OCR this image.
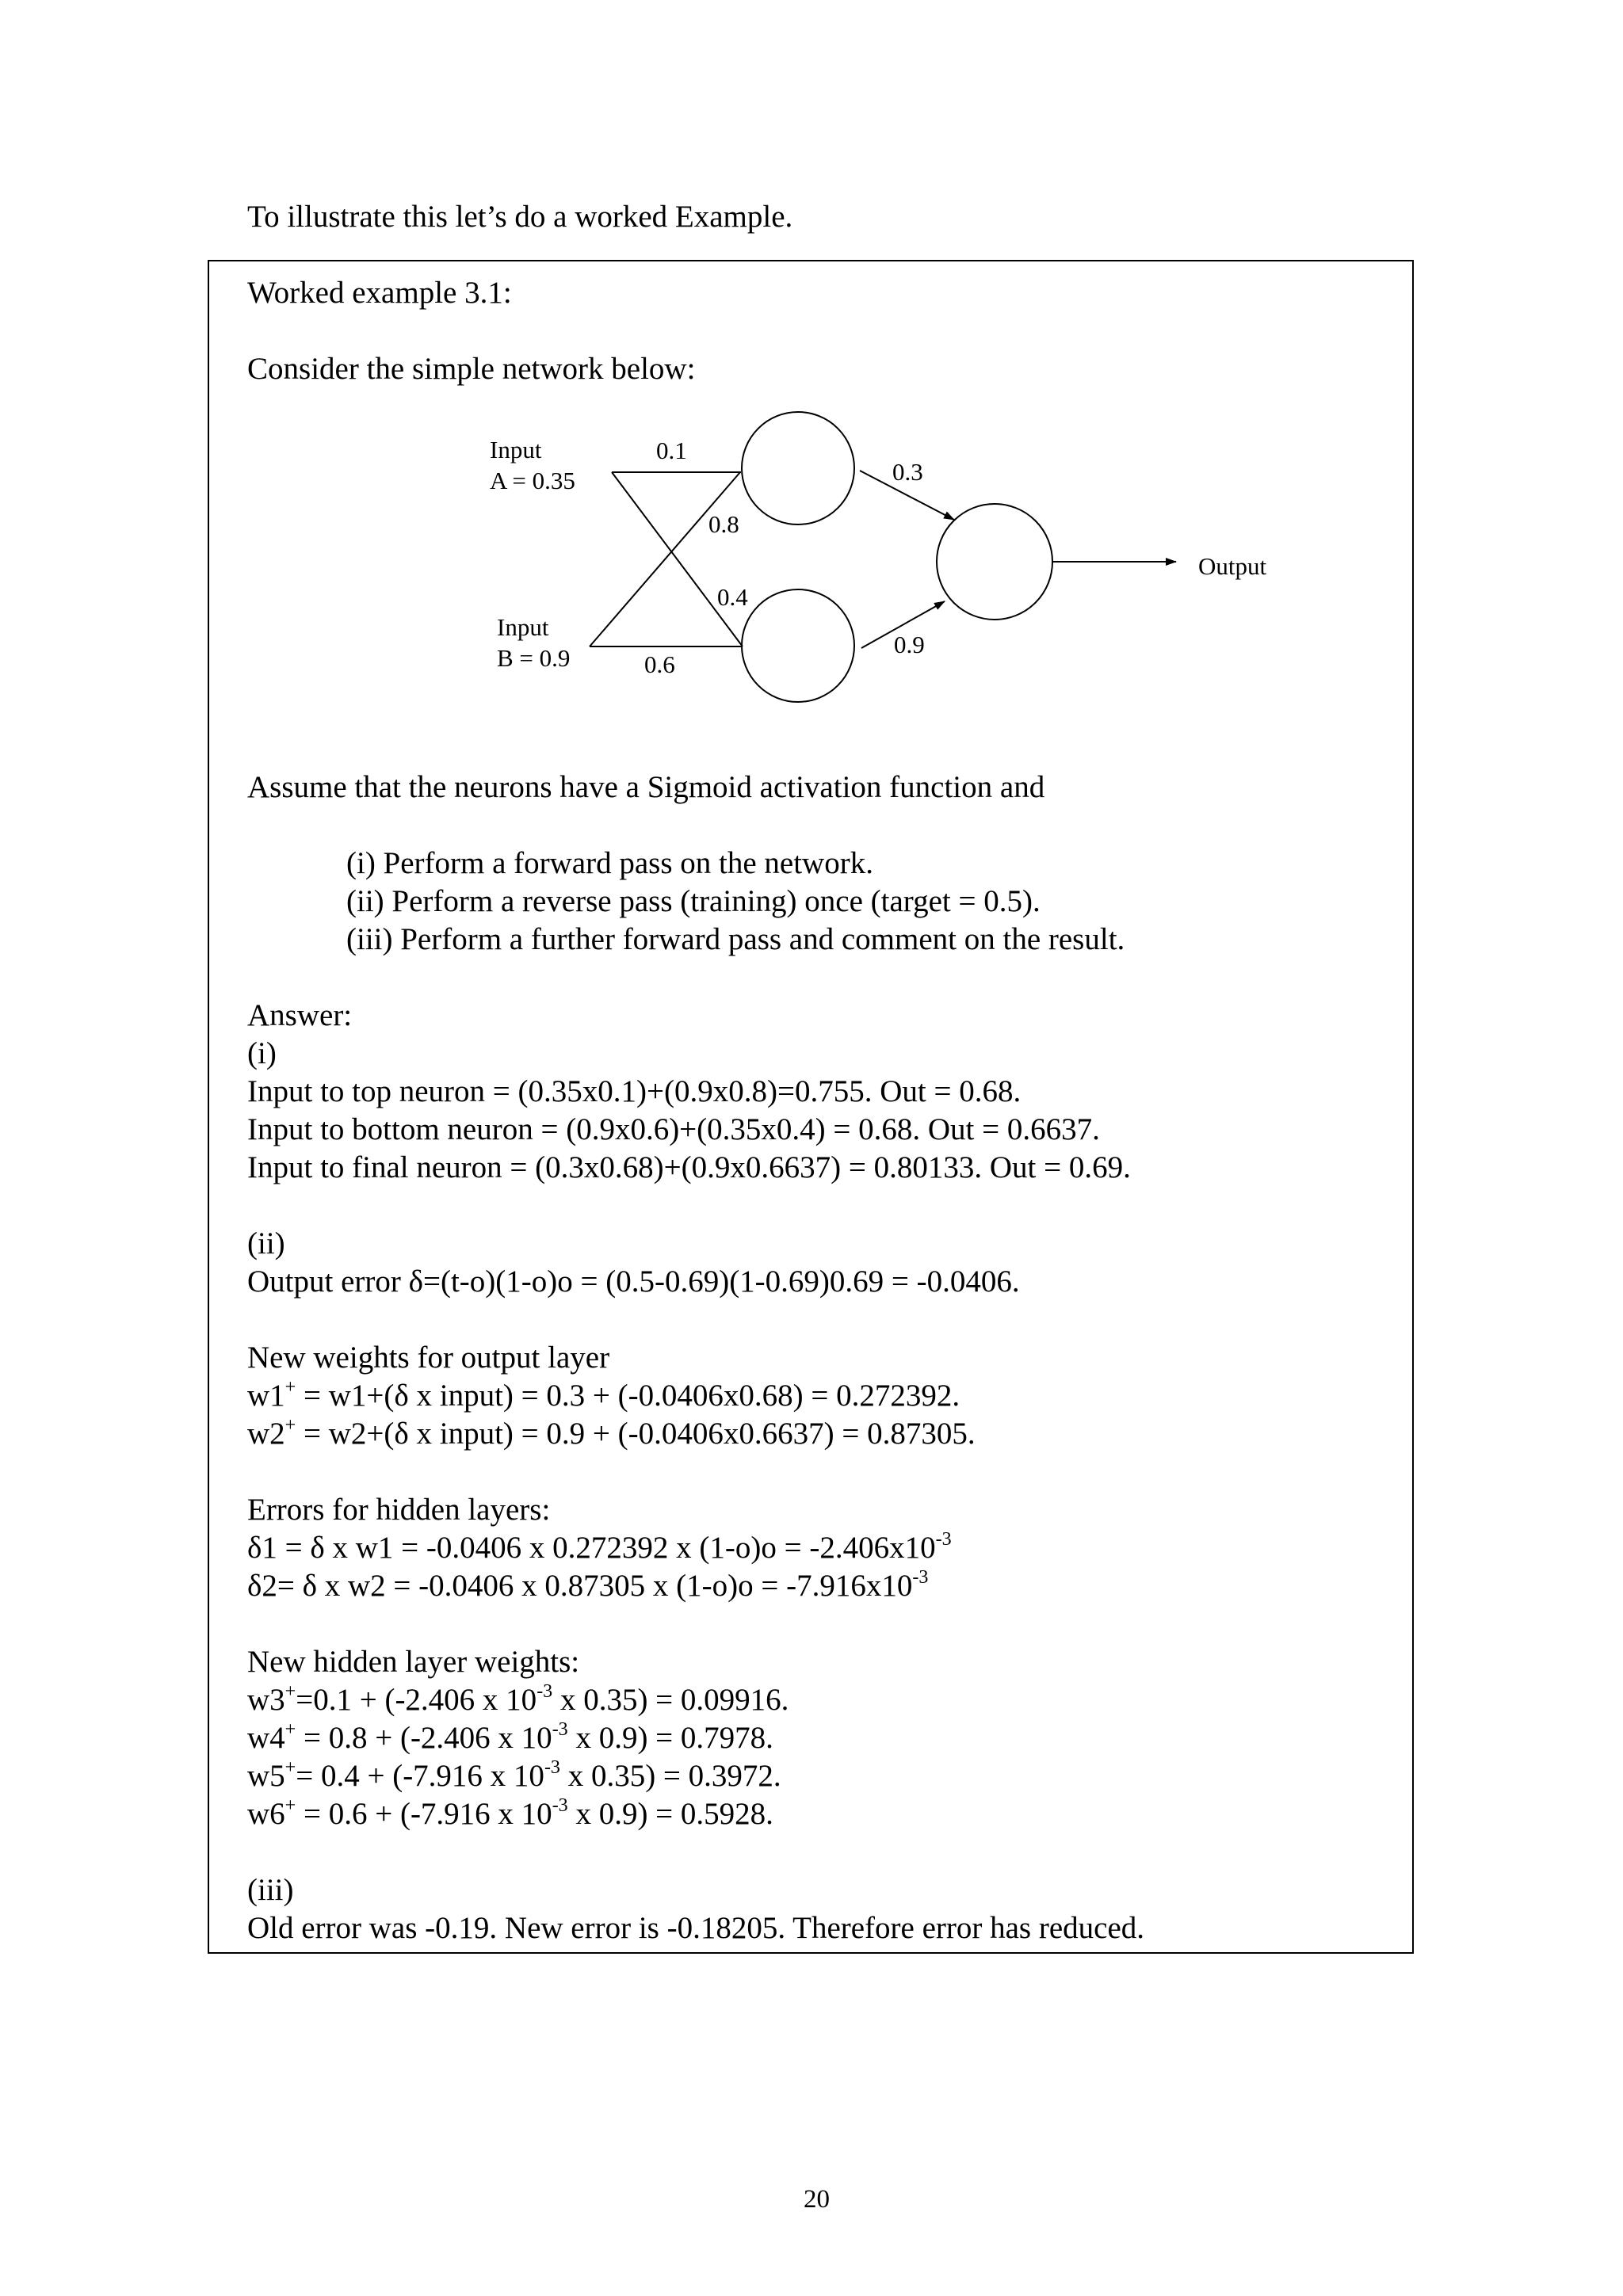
To illustrate this let’s do a worked Example.
Worked example 3.1:
Consider the simple network below:
Input
A = 0.35
Input
B = 0.9
0.1
0.8
0.4
0.6
0.3
0.9
Output
Assume that the neurons have a Sigmoid activation function and
(i) Perform a forward pass on the network.
(ii) Perform a reverse pass (training) once (target = 0.5).
(iii) Perform a further forward pass and comment on the result.
Answer:
(i)
Input to top neuron = (0.35x0.1)+(0.9x0.8)=0.755. Out = 0.68.
Input to bottom neuron = (0.9x0.6)+(0.35x0.4) = 0.68. Out = 0.6637.
Input to final neuron = (0.3x0.68)+(0.9x0.6637) = 0.80133. Out = 0.69.
(ii)
Output error δ=(t-o)(1-o)o = (0.5-0.69)(1-0.69)0.69 = -0.0406.
New weights for output layer
w1+ = w1+(δ x input) = 0.3 + (-0.0406x0.68) = 0.272392.
w2+ = w2+(δ x input) = 0.9 + (-0.0406x0.6637) = 0.87305.
Errors for hidden layers:
δ1 = δ x w1 = -0.0406 x 0.272392 x $(1-o)o = -2.406x10^{-3}$
δ2= δ x w2 = -0.0406 x 0.87305 x $(1-o)o = -7.916x10^{-3}$
New hidden layer weights:
w3+=0.1 + (-2.406 x $10^{-3}$ x 0.35) = 0.09916.
w4+ = 0.8 + (-2.406 x $10^{-3}$ x 0.9) = 0.7978.
w5+= 0.4 + (-7.916 x $10^{-3}$ x 0.35) = 0.3972.
w6+ = 0.6 + (-7.916 x $10^{-3}$ x 0.9) = 0.5928.
(iii)
Old error was -0.19. New error is -0.18205. Therefore error has reduced.
20
